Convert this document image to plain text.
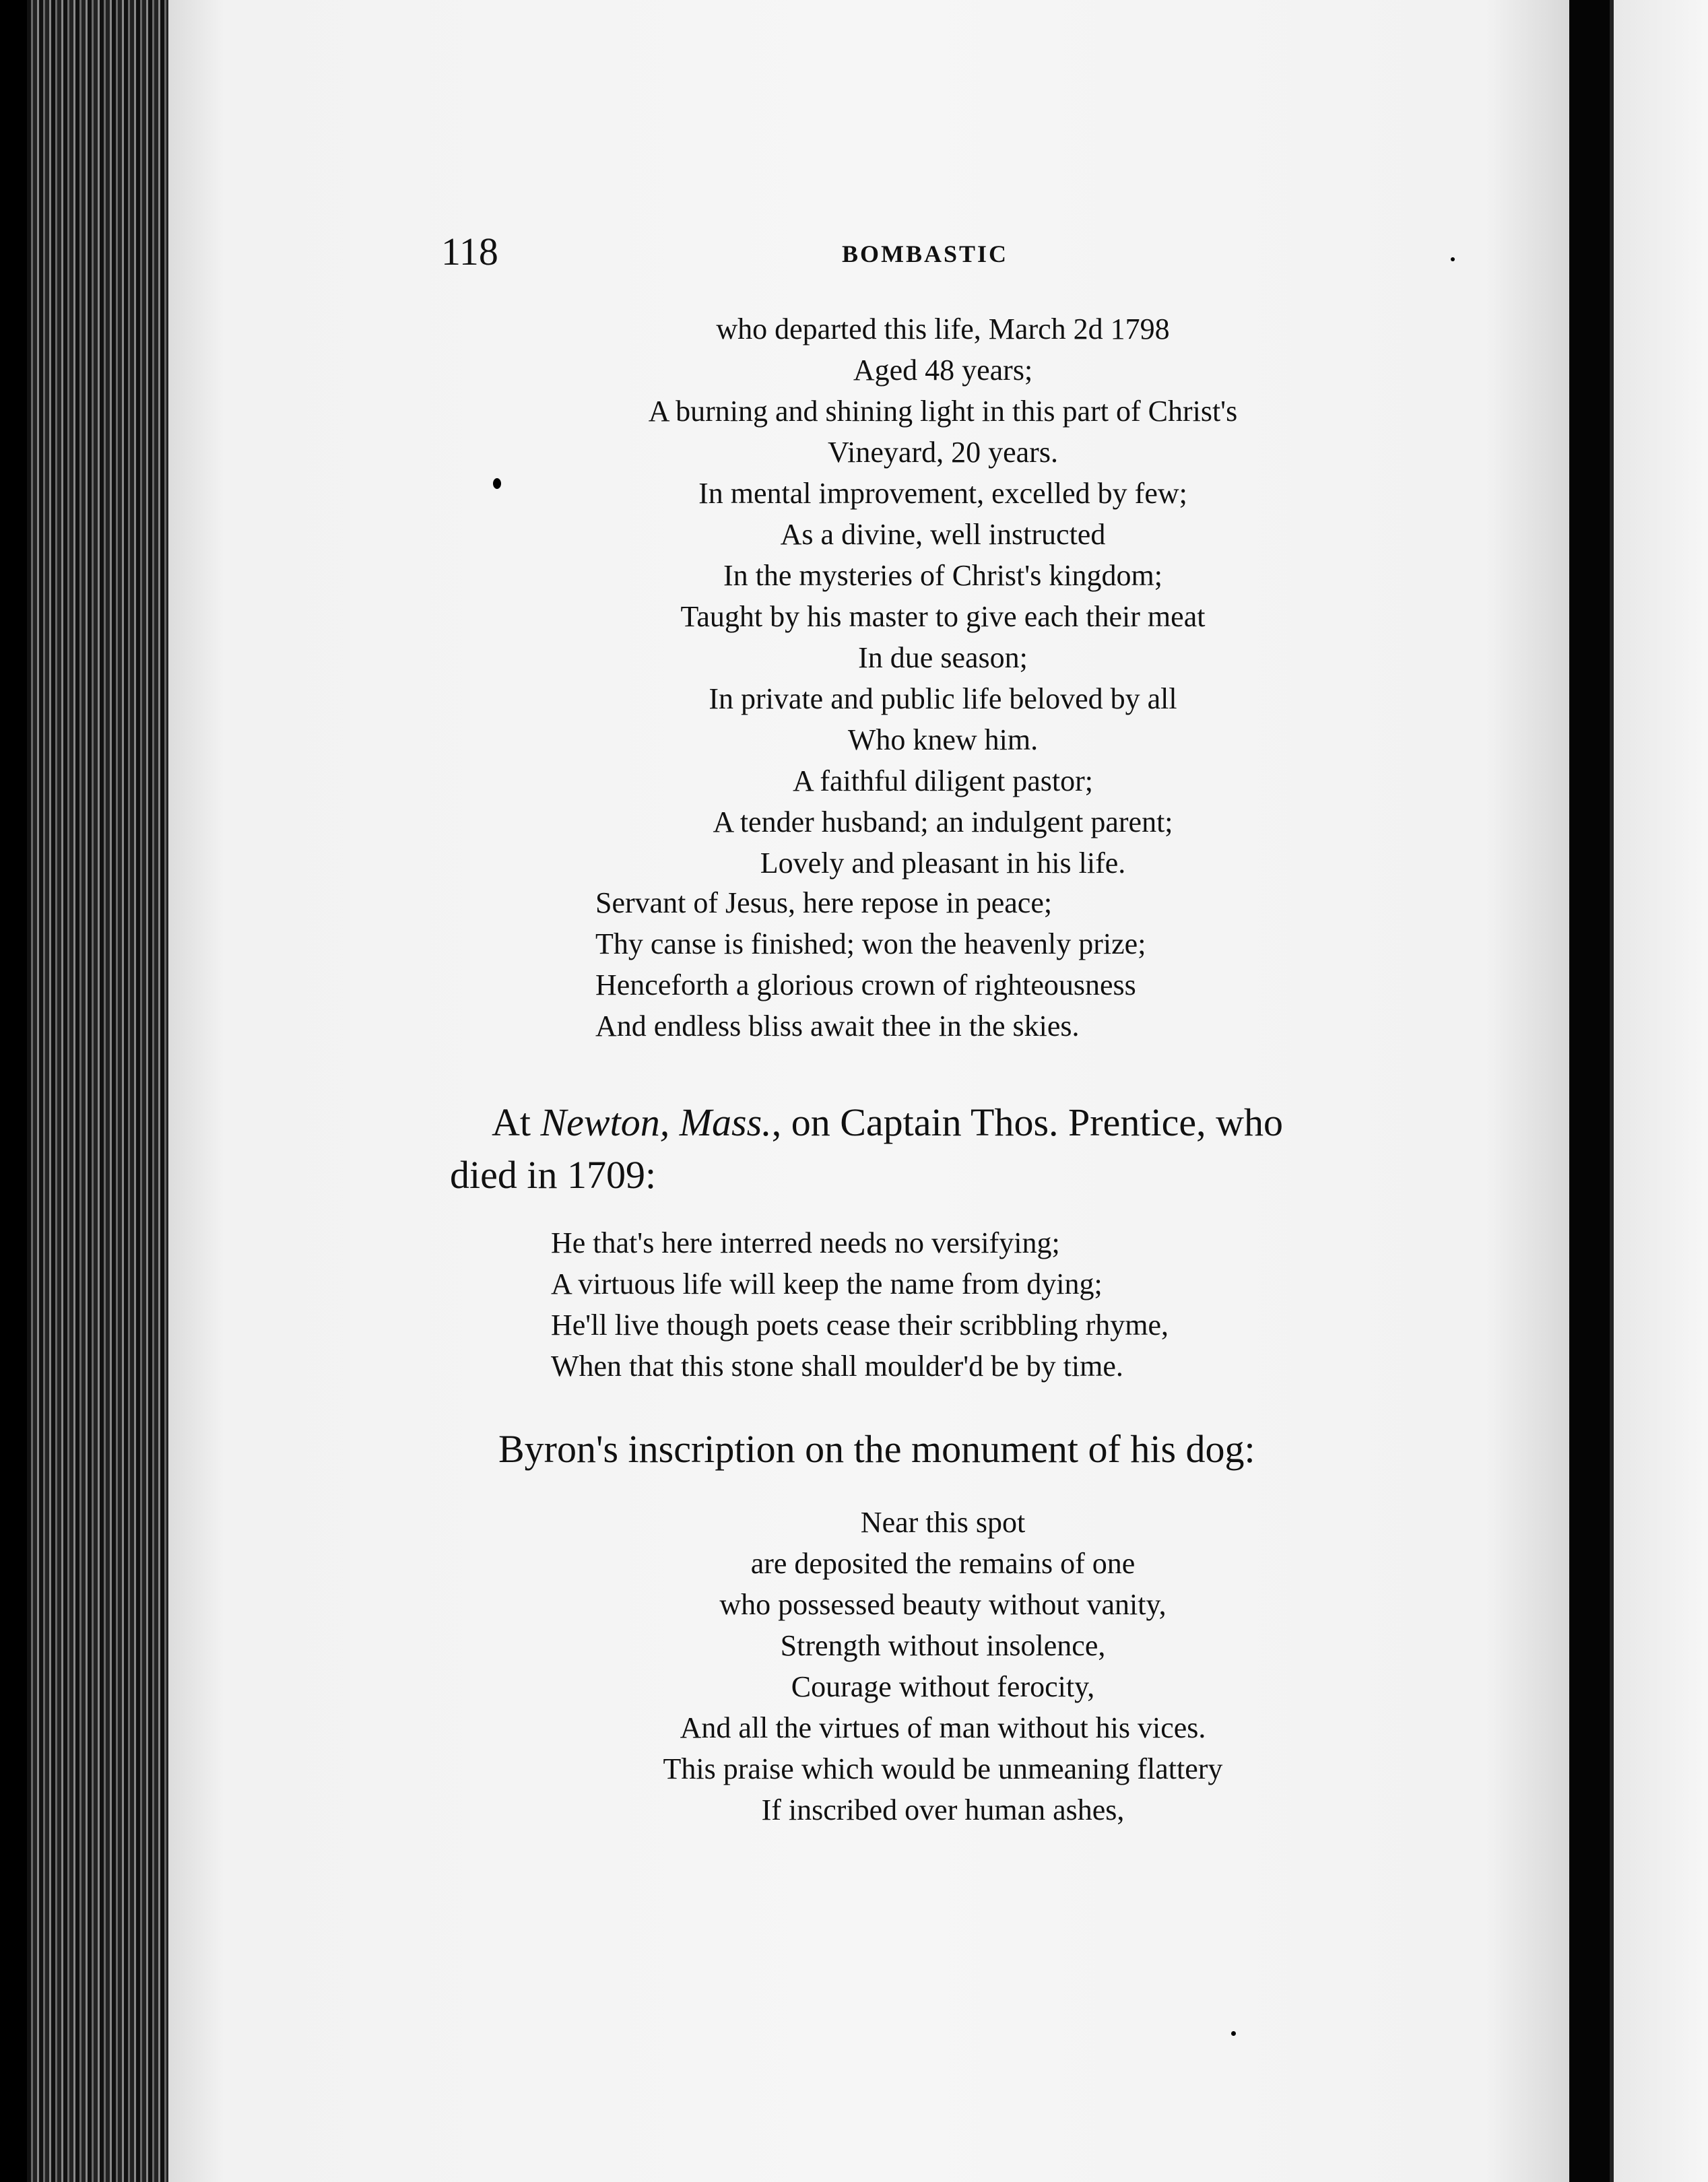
118	BOMBASTIC
who departed this life, March 2d 1798
Aged 48 years;
A burning and shining light in this part of Christ's
Vineyard, 20 years.
In mental improvement, excelled by few;
As a divine, well instructed
In the mysteries of Christ's kingdom;
Taught by his master to give each their meat
In due season;
In private and public life beloved by all
Who knew him.
A faithful diligent pastor;
A tender husband; an indulgent parent;
Lovely and pleasant in his life.
Servant of Jesus, here repose in peace;
Thy canse is finished; won the heavenly prize;
Henceforth a glorious crown of righteousness
And endless bliss await thee in the skies.
At Newton, Mass., on Captain Thos. Prentice, who
died in 1709:
He that's here interred needs no versifying;
A virtuous life will keep the name from dying;
He'll live though poets cease their scribbling rhyme,
When that this stone shall moulder'd be by time.
Byron's inscription on the monument of his dog:
Near this spot
are deposited the remains of one
who possessed beauty without vanity,
Strength without insolence,
Courage without ferocity,
And all the virtues of man without his vices.
This praise which would be unmeaning flattery
If inscribed over human ashes,
